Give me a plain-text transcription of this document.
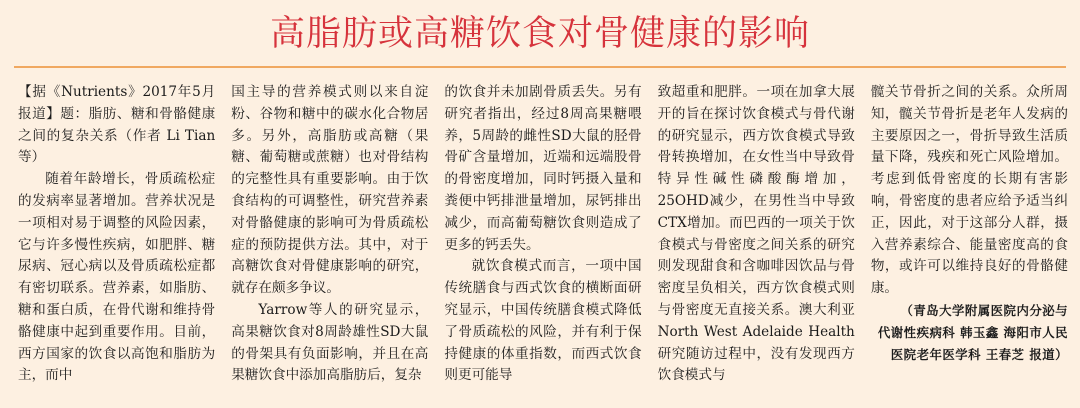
高脂肪或高糖饮食对骨健康的影响

【据《Nutrients》2017年5月报道】题：脂肪、糖和骨骼健康之间的复杂关系（作者 Li Tian 等）

随着年龄增长，骨质疏松症的发病率显著增加。营养状况是一项相对易于调整的风险因素，它与许多慢性疾病，如肥胖、糖尿病、冠心病以及骨质疏松症都有密切联系。营养素，如脂肪、糖和蛋白质，在骨代谢和维持骨骼健康中起到重要作用。目前，西方国家的饮食以高饱和脂肪为主，而中

国主导的营养模式则以来自淀粉、谷物和糖中的碳水化合物居多。另外，高脂肪或高糖（果糖、葡萄糖或蔗糖）也对骨结构的完整性具有重要影响。由于饮食结构的可调整性，研究营养素对骨骼健康的影响可为骨质疏松症的预防提供方法。其中，对于高糖饮食对骨健康影响的研究，就存在颇多争议。

Yarrow等人的研究显示，高果糖饮食对8周龄雄性SD大鼠的骨架具有负面影响，并且在高果糖饮食中添加高脂肪后，复杂

的饮食并未加剧骨质丢失。另有研究者指出，经过8周高果糖喂养，5周龄的雌性SD大鼠的胫骨骨矿含量增加，近端和远端股骨的骨密度增加，同时钙摄入量和粪便中钙排泄量增加，尿钙排出减少，而高葡萄糖饮食则造成了更多的钙丢失。

就饮食模式而言，一项中国传统膳食与西式饮食的横断面研究显示，中国传统膳食模式降低了骨质疏松的风险，并有利于保持健康的体重指数，而西式饮食则更可能导

致超重和肥胖。一项在加拿大展开的旨在探讨饮食模式与骨代谢的研究显示，西方饮食模式导致骨转换增加，在女性当中导致骨特异性碱性磷酸酶增加，25OHD减少，在男性当中导致CTX增加。而巴西的一项关于饮食模式与骨密度之间关系的研究则发现甜食和含咖啡因饮品与骨密度呈负相关，西方饮食模式则与骨密度无直接关系。澳大利亚North West Adelaide Health研究随访过程中，没有发现西方饮食模式与

髋关节骨折之间的关系。众所周知，髋关节骨折是老年人发病的主要原因之一，骨折导致生活质量下降，残疾和死亡风险增加。考虑到低骨密度的长期有害影响，骨密度的患者应给予适当纠正，因此，对于这部分人群，摄入营养素综合、能量密度高的食物，或许可以维持良好的骨骼健康。

（青岛大学附属医院内分泌与代谢性疾病科 韩玉鑫 海阳市人民医院老年医学科 王春芝 报道）
